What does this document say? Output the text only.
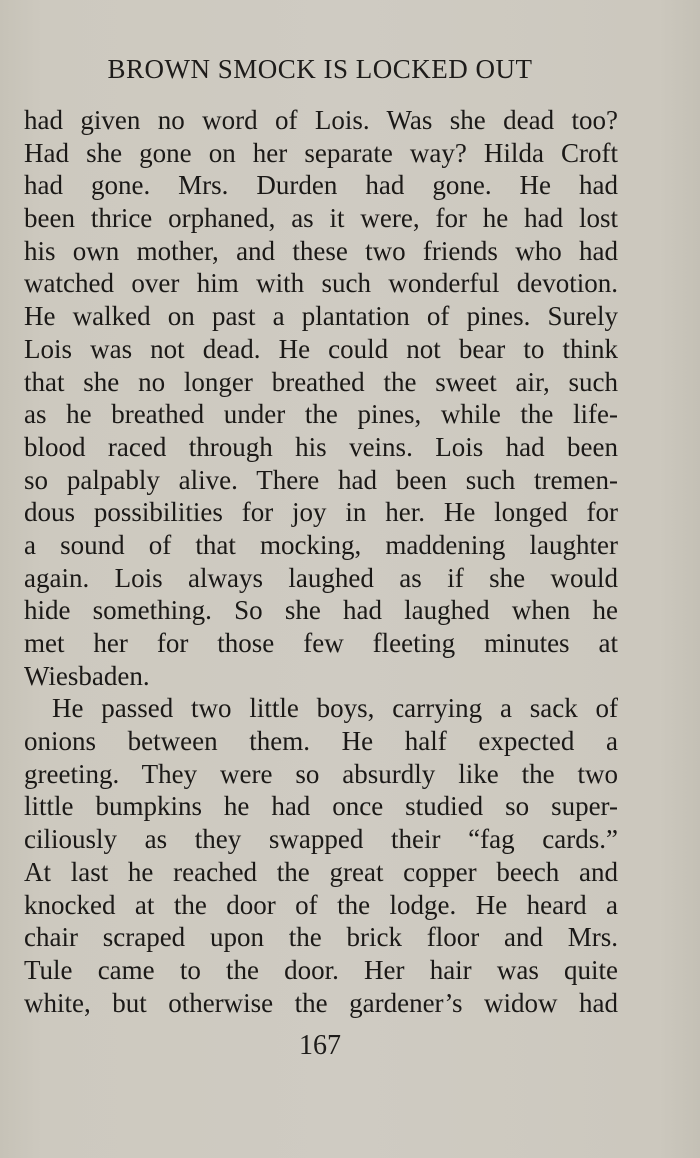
BROWN SMOCK IS LOCKED OUT
had given no word of Lois. Was she dead too?
Had she gone on her separate way? Hilda Croft
had gone. Mrs. Durden had gone. He had
been thrice orphaned, as it were, for he had lost
his own mother, and these two friends who had
watched over him with such wonderful devotion.
He walked on past a plantation of pines. Surely
Lois was not dead. He could not bear to think
that she no longer breathed the sweet air, such
as he breathed under the pines, while the life-
blood raced through his veins. Lois had been
so palpably alive. There had been such tremen-
dous possibilities for joy in her. He longed for
a sound of that mocking, maddening laughter
again. Lois always laughed as if she would
hide something. So she had laughed when he
met her for those few fleeting minutes at
Wiesbaden.
He passed two little boys, carrying a sack of
onions between them. He half expected a
greeting. They were so absurdly like the two
little bumpkins he had once studied so super-
ciliously as they swapped their “fag cards.”
At last he reached the great copper beech and
knocked at the door of the lodge. He heard a
chair scraped upon the brick floor and Mrs.
Tule came to the door. Her hair was quite
white, but otherwise the gardener’s widow had
167
